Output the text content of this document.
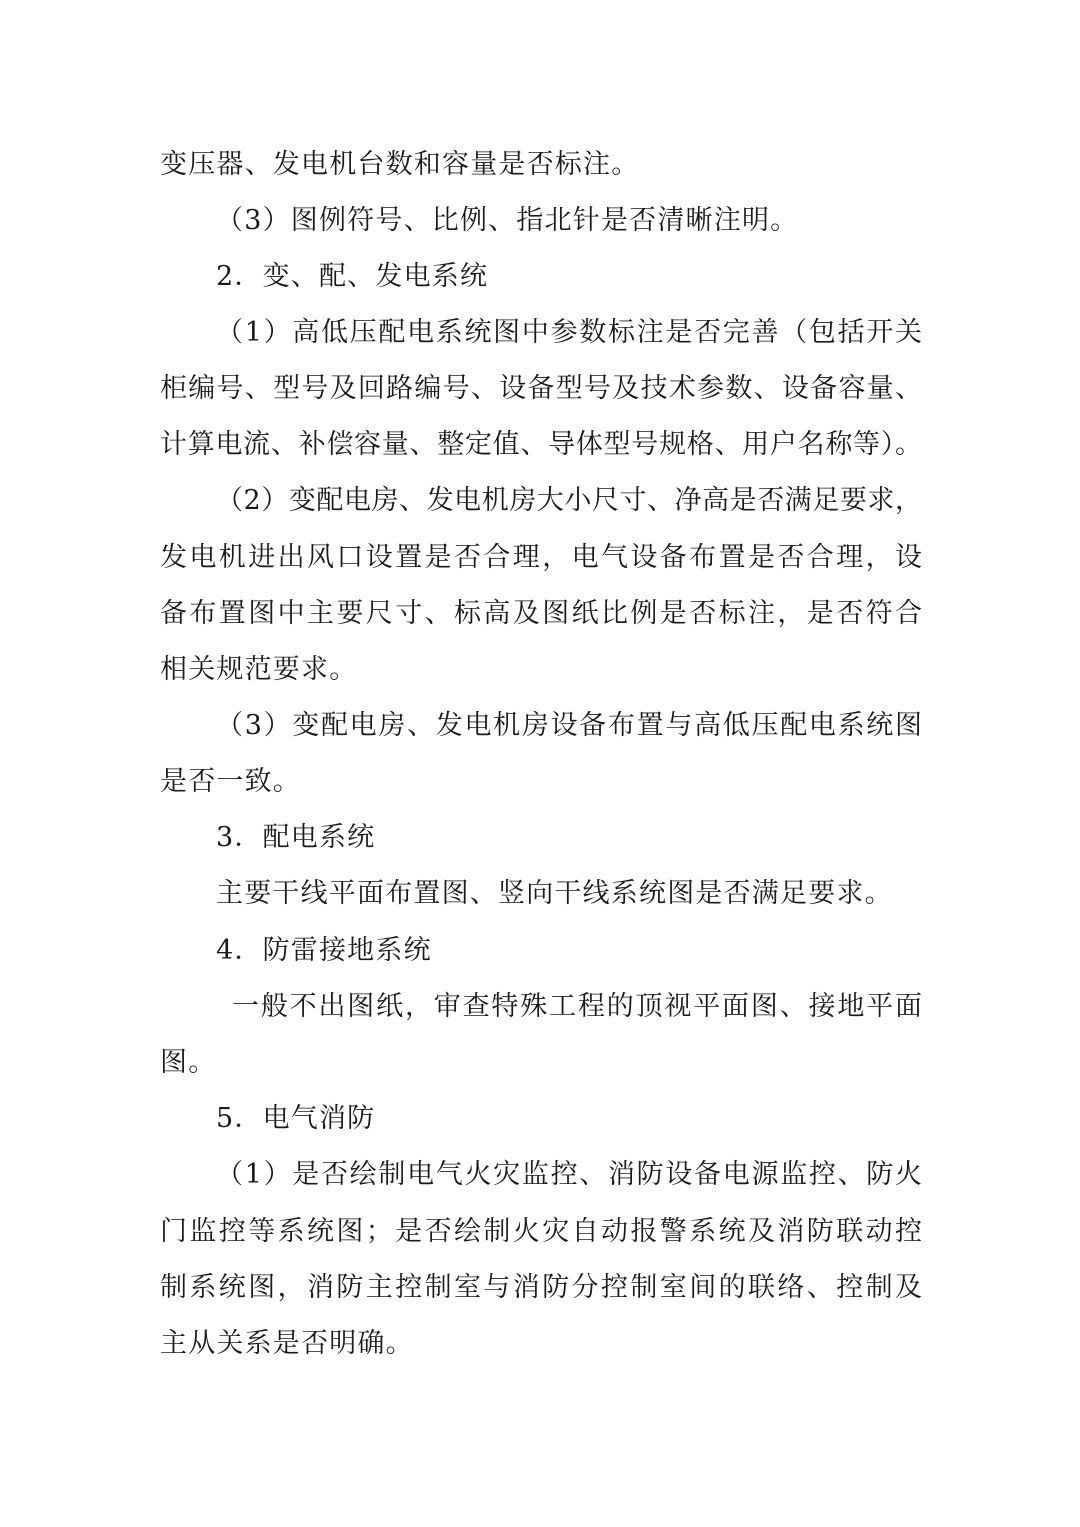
变压器、发电机台数和容量是否标注。
（3）图例符号、比例、指北针是否清晰注明。
2．变、配、发电系统
（1）高低压配电系统图中参数标注是否完善（包括开关
柜编号、型号及回路编号、设备型号及技术参数、设备容量、
计算电流、补偿容量、整定值、导体型号规格、用户名称等）。
（2）变配电房、发电机房大小尺寸、净高是否满足要求，
发电机进出风口设置是否合理，电气设备布置是否合理，设
备布置图中主要尺寸、标高及图纸比例是否标注，是否符合
相关规范要求。
（3）变配电房、发电机房设备布置与高低压配电系统图
是否一致。
3．配电系统
主要干线平面布置图、竖向干线系统图是否满足要求。
4．防雷接地系统
一般不出图纸，审查特殊工程的顶视平面图、接地平面
图。
5．电气消防
（1）是否绘制电气火灾监控、消防设备电源监控、防火
门监控等系统图；是否绘制火灾自动报警系统及消防联动控
制系统图，消防主控制室与消防分控制室间的联络、控制及
主从关系是否明确。
